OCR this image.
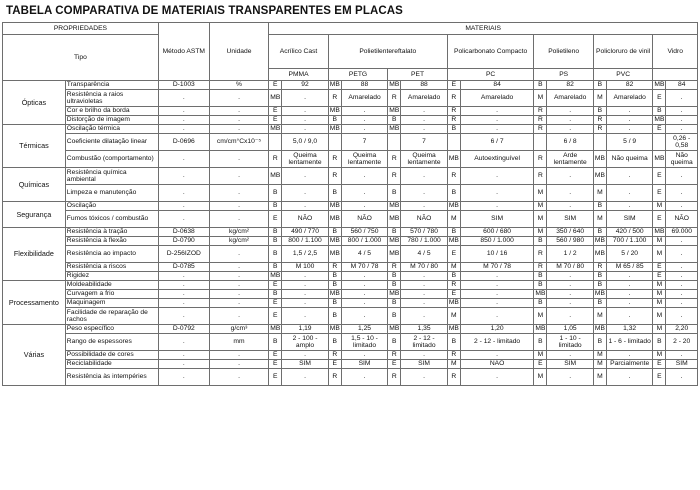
TABELA COMPARATIVA DE MATERIAIS TRANSPARENTES EM PLACAS
PROPRIEDADES		Método ASTM	Unidade	MATERIAIS													
Tipo				Acrílico Cast		Polietilentereftalato				Policarbonato Compacto		Polietileno		Policloruro de vinil		Vidro	
				PMMA		PETG		PET		PC		PS		PVC			
Ópticas	Transparência	D-1003	%	E	92	MB	88	MB	88	E	84	B	82	B	82	MB	84
	Resistência a raios ultravioletas	.	.	MB	.	R	Amarelado	R	Amarelado	R	Amarelado	M	Amarelado	M	Amarelado	E	.
	Cor e brilho da borda	.	.	E	.	MB	.	MB	.	R	.	R	.	B	.	B	.
	Distorção de imagem	.	.	E	.	B	.	B	.	R	.	R	.	R	.	MB	.
Térmicas	Oscilação térmica	.	.	MB	.	MB	.	MB	.	B	.	R	.	R	.	E	.
	Coeficiente dilatação linear	D-0696	cm/cm°Cx10⁻⁵		5,0 / 9,0		7		7		6 / 7		6 / 8		5 / 9		0,26 - 0,58
	Combustão (comportamento)	.	.	R	Queima lentamente	R	Queima lentamente	R	Queima lentamente	MB	Autoextinguível	R	Arde lentamente	MB	Não queima	MB	Não queima
Químicas	Resistência química ambiental	.	.	MB	.	R	.	R	.	R	.	R	.	MB	.	E	.
	Limpeza e manutenção	.	.	B	.	B	.	B	.	B	.	M	.	M	.	E	.
Segurança	Oscilação	.	.	B	.	MB	.	MB	.	MB	.	M	.	B	.	M	.
	Fumos tóxicos / combustão	.	.	E	NÃO	MB	NÃO	MB	NÃO	M	SIM	M	SIM	M	SIM	E	NÃO
Flexibilidade	Resistência à tração	D-0638	kg/cm²	B	490 / 770	B	560 / 750	B	570 / 780	B	600 / 680	M	350 / 640	B	420 / 500	MB	69.000
	Resistência à flexão	D-0790	kg/cm²	B	800 / 1.100	MB	800 / 1.000	MB	780 / 1.000	MB	850 / 1.000	B	560 / 980	MB	700 / 1.100	M	.
	Resistência ao impacto	D-256IZOD	.	B	1,5 / 2,5	MB	4 / 5	MB	4 / 5	E	10 / 16	R	1 / 2	MB	5 / 20	M	.
	Resistência a riscos	D-0785	.	B	M 100	R	M 70 / 78	R	M 70 / 80	M	M 70 / 78	R	M 70 / 80	R	M 65 / 85	E	.
	Rigidez	.	.	MB	.	B	.	B	.	B	.	B	.	B	.	E	.
Processamento	Moldeabilidade	.	.	E	.	B	.	B	.	R	.	B	.	B	.	M	.
	Curvagem a frio	.	.	B	.	MB	.	MB	.	E	.	MB	.	MB	.	M	.
	Maquinagem	.	.	E	.	B	.	B	.	MB	.	B	.	B	.	M	.
	Facilidade de reparação de rachos	.	.	E	.	B	.	B	.	M	.	M	.	M	.	M	.
Várias	Peso específico	D-0792	g/cm³	MB	1,19	MB	1,25	MB	1,35	MB	1,20	MB	1,05	MB	1,32	M	2,20
	Rango de espessores	.	mm	B	2 - 100 - amplo	B	1,5 - 10 - limitado	B	2 - 12 - limitado	B	2 - 12 - limitado	B	1 - 10 - limitado	B	1 - 6 - limitado	B	2 - 20
	Possibilidade de cores	.	.	E	.	R	.	R	.	R	.	M	.	M	.	M	.
	Reciclabilidade	.	.	E	SIM	E	SIM	E	SIM	M	NÃO	E	SIM	M	Parcialmente	E	SIM
	Resistência às intempéries	.	.	E	.	R	.	R	.	R	.	M	.	M	.	E	.
